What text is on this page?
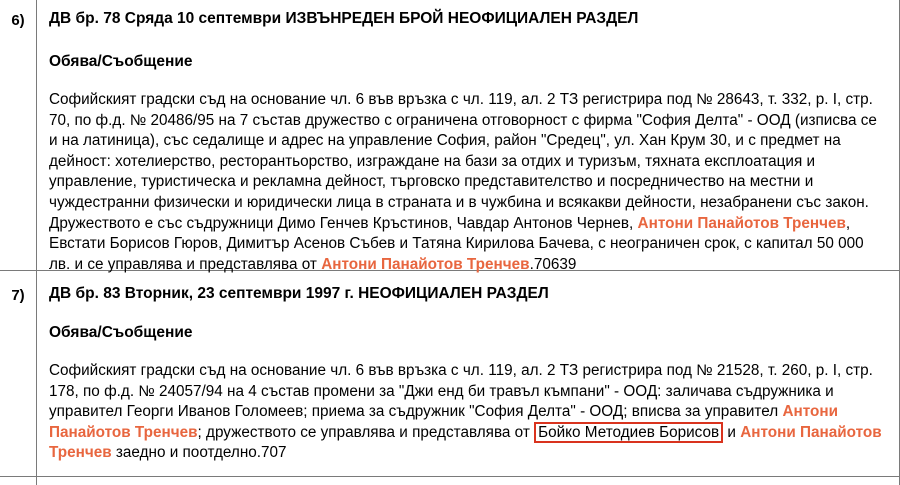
6)	ДВ бр. 78 Сряда 10 септември ИЗВЪНРЕДЕН БРОЙ НЕОФИЦИАЛЕН РАЗДЕЛ

Обява/Съобщение

Софийският градски съд на основание чл. 6 във връзка с чл. 119, ал. 2 ТЗ регистрира под № 28643, т. 332, р. I, стр. 70, по ф.д. № 20486/95 на 7 състав дружество с ограничена отговорност с фирма "София Делта" - ООД (изписва се и на латиница), със седалище и адрес на управление София, район "Средец", ул. Хан Крум 30, и с предмет на дейност: хотелиерство, ресторантьорство, изграждане на бази за отдих и туризъм, тяхната експлоатация и управление, туристическа и рекламна дейност, търговско представителство и посредничество на местни и чуждестранни физически и юридически лица в страната и в чужбина и всякакви дейности, незабранени със закон. Дружеството е със съдружници Димо Генчев Кръстинов, Чавдар Антонов Чернев, Антони Панайотов Тренчев, Евстати Борисов Гюров, Димитър Асенов Събев и Татяна Кирилова Бачева, с неограничен срок, с капитал 50 000 лв. и се управлява и представлява от Антони Панайотов Тренчев.70639

7)	ДВ бр. 83 Вторник, 23 септември 1997 г. НЕОФИЦИАЛЕН РАЗДЕЛ

Обява/Съобщение

Софийският градски съд на основание чл. 6 във връзка с чл. 119, ал. 2 ТЗ регистрира под № 21528, т. 260, р. I, стр. 178, по ф.д. № 24057/94 на 4 състав промени за "Джи енд би травъл къмпани" - ООД: заличава съдружника и управител Георги Иванов Голомеев; приема за съдружник "София Делта" - ООД; вписва за управител Антони Панайотов Тренчев; дружеството се управлява и представлява от Бойко Методиев Борисов и Антони Панайотов Тренчев заедно и поотделно.707
